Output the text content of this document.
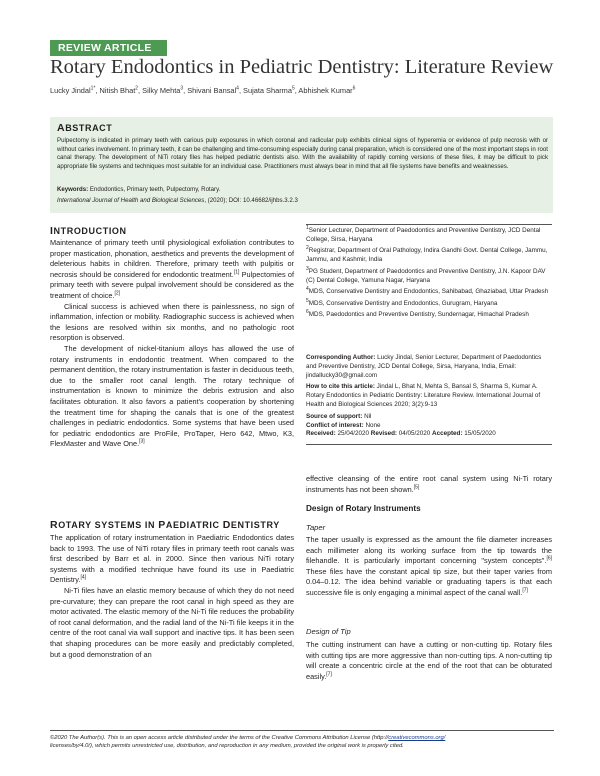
REVIEW ARTICLE
Rotary Endodontics in Pediatric Dentistry: Literature Review
Lucky Jindal$^{1*}$, Nitish Bhat$^2$, Silky Mehta$^3$, Shivani Bansal$^4$, Sujata Sharma$^5$, Abhishek Kumar$^6$
ABSTRACT
Pulpectomy is indicated in primary teeth with carious pulp exposures in which coronal and radicular pulp exhibits clinical signs of hyperemia or evidence of pulp necrosis with or without caries involvement. In primary teeth, it can be challenging and time-consuming especially during canal preparation, which is considered one of the most important steps in root canal therapy. The development of NiTi rotary files has helped pediatric dentists also. With the availability of rapidly coming versions of these files, it may be difficult to pick appropriate file systems and techniques most suitable for an individual case. Practitioners must always bear in mind that all file systems have benefits and weaknesses.
Keywords: Endodontics, Primary teeth, Pulpectomy, Rotary.
International Journal of Health and Biological Sciences, (2020); DOI: 10.46682/ijhbs.3.2.3
INTRODUCTION

Maintenance of primary teeth until physiological exfoliation contributes to proper mastication, phonation, aesthetics and prevents the development of deleterious habits in children. Therefore, primary teeth with pulpitis or necrosis should be considered for endodontic treatment.[1] Pulpectomies of primary teeth with severe pulpal involvement should be considered as the treatment of choice.[2]

Clinical success is achieved when there is painlessness, no sign of inflammation, infection or mobility. Radiographic success is achieved when the lesions are resolved within six months, and no pathologic root resorption is observed.

The development of nickel-titanium alloys has allowed the use of rotary instruments in endodontic treatment. When compared to the permanent dentition, the rotary instrumentation is faster in deciduous teeth, due to the smaller root canal length. The rotary technique of instrumentation is known to minimize the debris extrusion and also facilitates obturation. It also favors a patient's cooperation by shortening the treatment time for shaping the canals that is one of the greatest challenges in pediatric endodontics. Some systems that have been used for pediatric endodontics are ProFile, ProTaper, Hero 642, Mtwo, K3, FlexMaster and Wave One.[3]

ROTARY SYSTEMS IN PAEDIATRIC DENTISTRY

The application of rotary instrumentation in Paediatric Endodontics dates back to 1993. The use of NiTi rotary files in primary teeth root canals was first described by Barr et al. in 2000. Since then various NiTi rotary systems with a modified technique have found its use in Paediatric Dentistry.[4]

Ni-Ti files have an elastic memory because of which they do not need pre-curvature; they can prepare the root canal in high speed as they are motor activated. The elastic memory of the Ni-Ti file reduces the probability of root canal deformation, and the radial land of the Ni-Ti file keeps it in the centre of the root canal via wall support and inactive tips. It has been seen that shaping procedures can be more easily and predictably completed, but a good demonstration of an

$^1$Senior Lecturer, Department of Paedodontics and Preventive Dentistry, JCD Dental College, Sirsa, Haryana

$^2$Registrar, Department of Oral Pathology, Indira Gandhi Govt. Dental College, Jammu, Jammu, and Kashmir, India

$^3$PG Student, Department of Paedodontics and Preventive Dentistry, J.N. Kapoor DAV (C) Dental College, Yamuna Nagar, Haryana

$^4$MDS, Conservative Dentistry and Endodontics, Sahibabad, Ghaziabad, Uttar Pradesh

$^5$MDS, Conservative Dentistry and Endodontics, Gurugram, Haryana

$^6$MDS, Paedodontics and Preventive Dentistry, Sundernagar, Himachal Pradesh

Corresponding Author: Lucky Jindal, Senior Lecturer, Department of Paedodontics and Preventive Dentistry, JCD Dental College, Sirsa, Haryana, India, Email: jindallucky30@gmail.com

How to cite this article: Jindal L, Bhat N, Mehta S, Bansal S, Sharma S, Kumar A. Rotary Endodontics in Pediatric Dentistry: Literature Review. International Journal of Health and Biological Sciences 2020; 3(2):9-13

Source of support: Nil

Conflict of interest: None

Received: 25/04/2020 Revised: 04/05/2020 Accepted: 15/05/2020

effective cleansing of the entire root canal system using Ni-Ti rotary instruments has not been shown.[5]
Design of Rotary Instruments
Taper
The taper usually is expressed as the amount the file diameter increases each millimeter along its working surface from the tip towards the filehandle. It is particularly important concerning "system concepts".[6] These files have the constant apical tip size, but their taper varies from 0.04–0.12. The idea behind variable or graduating tapers is that each successive file is only engaging a minimal aspect of the canal wall.[7]
Design of Tip
The cutting instrument can have a cutting or non-cutting tip. Rotary files with cutting tips are more aggressive than non-cutting tips. A non-cutting tip will create a concentric circle at the end of the root that can be obturated easily.[7]
©2020 The Author(s). This is an open access article distributed under the terms of the Creative Commons Attribution License (http://creativecommons.org/
licenses/by/4.0/), which permits unrestricted use, distribution, and reproduction in any medium, provided the original work is properly cited.
